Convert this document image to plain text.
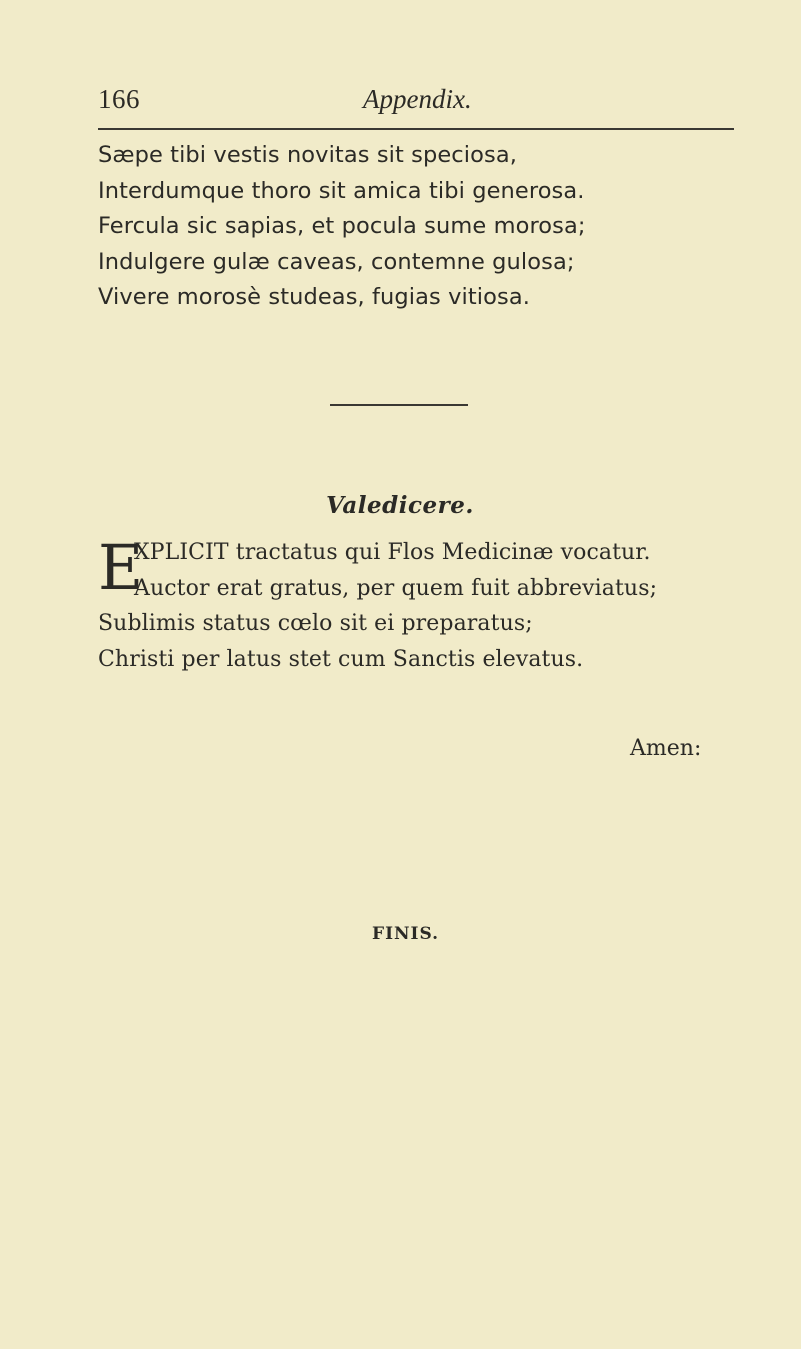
166	Appendix.
Sæpe tibi vestis novitas sit speciosa,
Interdumque thoro sit amica tibi generosa.
Fercula sic sapias, et pocula sume morosa;
Indulgere gulæ caveas, contemne gulosa;
Vivere morosè studeas, fugias vitiosa.
Valedicere.
E
XPLICIT tractatus qui Flos Medicinæ vocatur.
Auctor erat gratus, per quem fuit abbreviatus;
Sublimis status cœlo sit ei preparatus;
Christi per latus stet cum Sanctis elevatus.
Amen:
FINIS.
